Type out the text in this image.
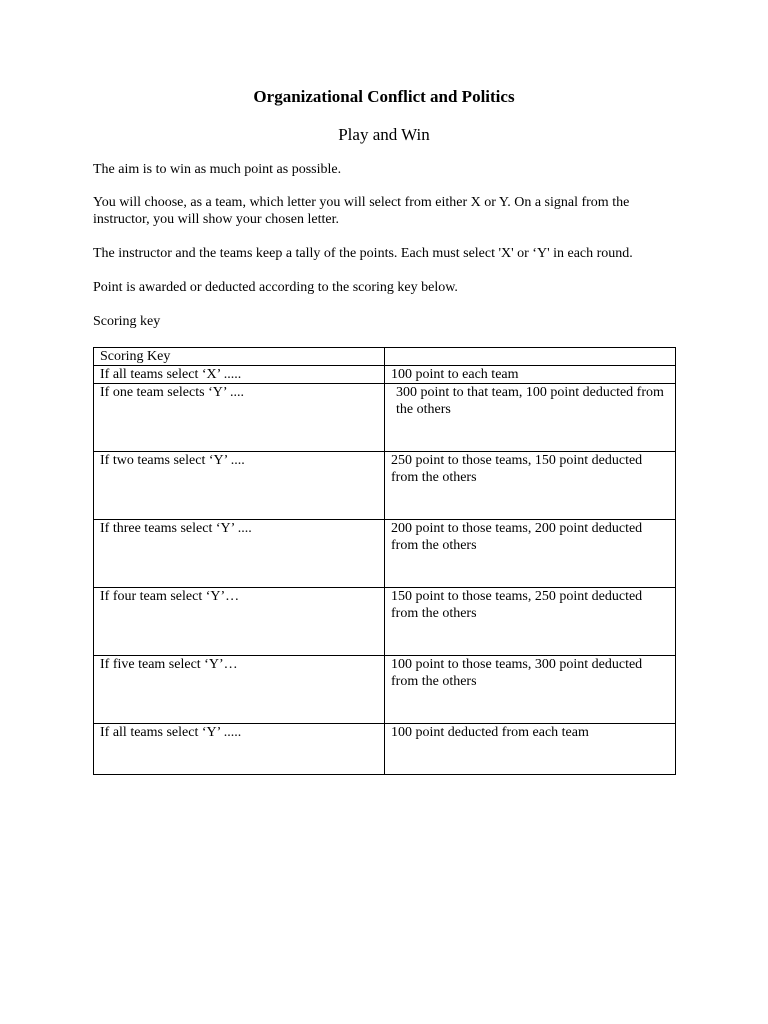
Organizational Conflict and Politics
Play and Win

The aim is to win as much point as possible.

You will choose, as a team, which letter you will select from either X or Y. On a signal from the instructor, you will show your chosen letter.

The instructor and the teams keep a tally of the points. Each must select 'X' or ‘Y' in each round.

Point is awarded or deducted according to the scoring key below.

Scoring key

Scoring Key	
If all teams select ‘X’ .....	100 point to each team
If one team selects ‘Y’ ....	300 point to that team, 100 point deducted from the others
If two teams select ‘Y’ ....	250 point to those teams, 150 point deducted from the others
If three teams select ‘Y’ ....	200 point to those teams, 200 point deducted from the others
If four team select ‘Y’…	150 point to those teams, 250 point deducted from the others
If five team select ‘Y’…	100 point to those teams, 300 point deducted from the others
If all teams select ‘Y’ .....	100 point deducted from each team
